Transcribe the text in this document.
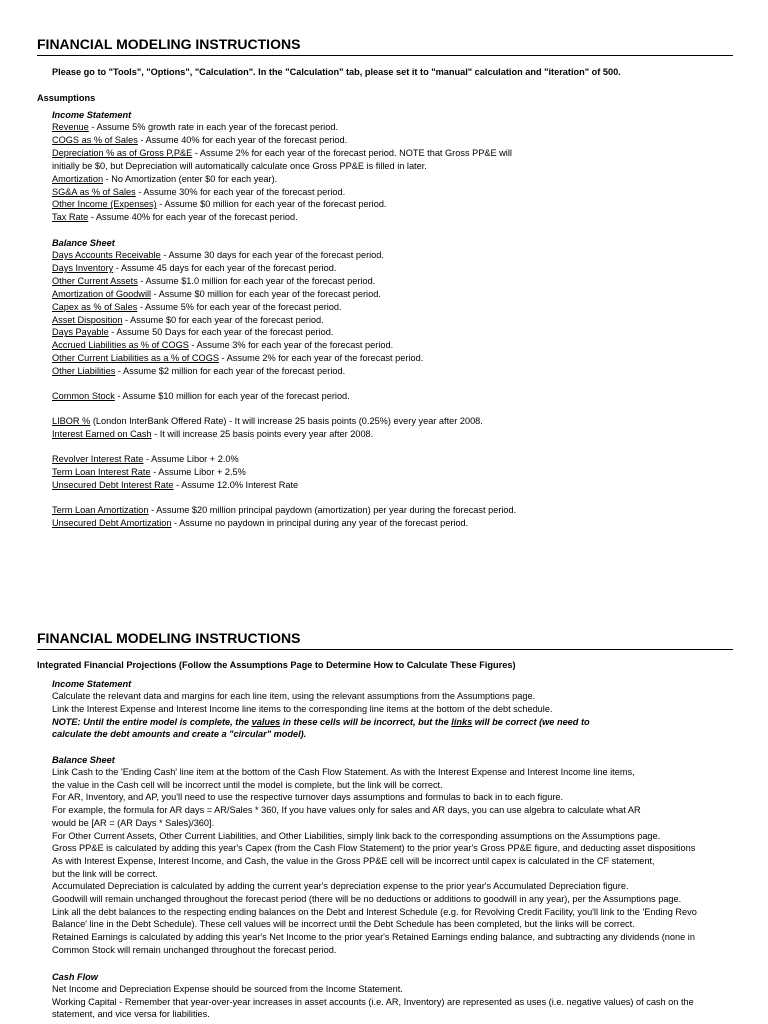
FINANCIAL MODELING INSTRUCTIONS
Please go to "Tools", "Options", "Calculation". In the "Calculation" tab, please set it to "manual" calculation and "iteration" of 500.
Assumptions
Income Statement
Revenue - Assume 5% growth rate in each year of the forecast period.
COGS as % of Sales - Assume 40% for each year of the forecast period.
Depreciation % as of Gross P,P&E - Assume 2% for each year of the forecast period. NOTE that Gross PP&E will
initially be $0, but Depreciation will automatically calculate once Gross PP&E is filled in later.
Amortization - No Amortization (enter $0 for each year).
SG&A as % of Sales - Assume 30% for each year of the forecast period.
Other Income (Expenses) - Assume $0 million for each year of the forecast period.
Tax Rate - Assume 40% for each year of the forecast period.
Balance Sheet
Days Accounts Receivable - Assume 30 days for each year of the forecast period.
Days Inventory - Assume 45 days for each year of the forecast period.
Other Current Assets - Assume $1.0 million for each year of the forecast period.
Amortization of Goodwill - Assume $0 million for each year of the forecast period.
Capex as % of Sales - Assume 5% for each year of the forecast period.
Asset Disposition - Assume $0 for each year of the forecast period.
Days Payable - Assume 50 Days for each year of the forecast period.
Accrued Liabilities as % of COGS - Assume 3% for each year of the forecast period.
Other Current Liabilities as a % of COGS - Assume 2% for each year of the forecast period.
Other Liabilities - Assume $2 million for each year of the forecast period.
Common Stock - Assume $10 million for each year of the forecast period.
LIBOR % (London InterBank Offered Rate) - It will increase 25 basis points (0.25%) every year after 2008.
Interest Earned on Cash - It will increase 25 basis points every year after 2008.
Revolver Interest Rate - Assume Libor + 2.0%
Term Loan Interest Rate - Assume Libor + 2.5%
Unsecured Debt Interest Rate - Assume 12.0% Interest Rate
Term Loan Amortization - Assume $20 million principal paydown (amortization) per year during the forecast period.
Unsecured Debt Amortization - Assume no paydown in principal during any year of the forecast period.
FINANCIAL MODELING INSTRUCTIONS
Integrated Financial Projections (Follow the Assumptions Page to Determine How to Calculate These Figures)
Income Statement
Calculate the relevant data and margins for each line item, using the relevant assumptions from the Assumptions page.
Link the Interest Expense and Interest Income line items to the corresponding line items at the bottom of the debt schedule.
NOTE: Until the entire model is complete, the values in these cells will be incorrect, but the links will be correct (we need to
calculate the debt amounts and create a "circular" model).
Balance Sheet
Link Cash to the 'Ending Cash' line item at the bottom of the Cash Flow Statement. As with the Interest Expense and Interest Income line items,
the value in the Cash cell will be incorrect until the model is complete, but the link will be correct.
For AR, Inventory, and AP, you'll need to use the respective turnover days assumptions and formulas to back in to each figure.
For example, the formula for AR days = AR/Sales * 360, If you have values only for sales and AR days, you can use algebra to calculate what AR
would be [AR = (AR Days * Sales)/360].
For Other Current Assets, Other Current Liabilities, and Other Liabilities, simply link back to the corresponding assumptions on the Assumptions page.
Gross PP&E is calculated by adding this year's Capex (from the Cash Flow Statement) to the prior year's Gross PP&E figure, and deducting asset dispositions
As with Interest Expense, Interest Income, and Cash, the value in the Gross PP&E cell will be incorrect until capex is calculated in the CF statement,
but the link will be correct.
Accumulated Depreciation is calculated by adding the current year's depreciation expense to the prior year's Accumulated Depreciation figure.
Goodwill will remain unchanged throughout the forecast period (there will be no deductions or additions to goodwill in any year), per the Assumptions page.
Link all the debt balances to the respecting ending balances on the Debt and Interest Schedule (e.g. for Revolving Credit Facility, you'll link to the 'Ending Revo
Balance' line in the Debt Schedule). These cell values will be incorrect until the Debt Schedule has been completed, but the links will be correct.
Retained Earnings is calculated by adding this year's Net Income to the prior year's Retained Earnings ending balance, and subtracting any dividends (none in
Common Stock will remain unchanged throughout the forecast period.
Cash Flow
Net Income and Depreciation Expense should be sourced from the Income Statement.
Working Capital - Remember that year-over-year increases in asset accounts (i.e. AR, Inventory) are represented as uses (i.e. negative values) of cash on the
statement, and vice versa for liabilities.
